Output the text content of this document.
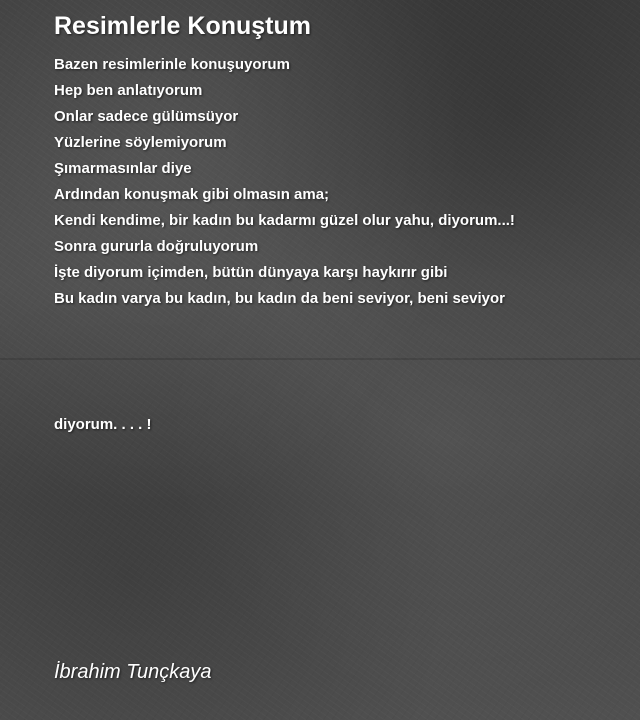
Resimlerle Konuştum
Bazen resimlerinle konuşuyorum
Hep ben anlatıyorum
Onlar sadece gülümsüyor
Yüzlerine söylemiyorum
Şımarmasınlar diye
Ardından konuşmak gibi olmasın ama;
Kendi kendime, bir kadın bu kadarmı güzel olur yahu, diyorum...!
Sonra gururla doğruluyorum
İşte diyorum içimden, bütün dünyaya karşı haykırır gibi
Bu kadın varya bu kadın, bu kadın da beni seviyor, beni seviyor
diyorum. . . . !
İbrahim Tunçkaya
